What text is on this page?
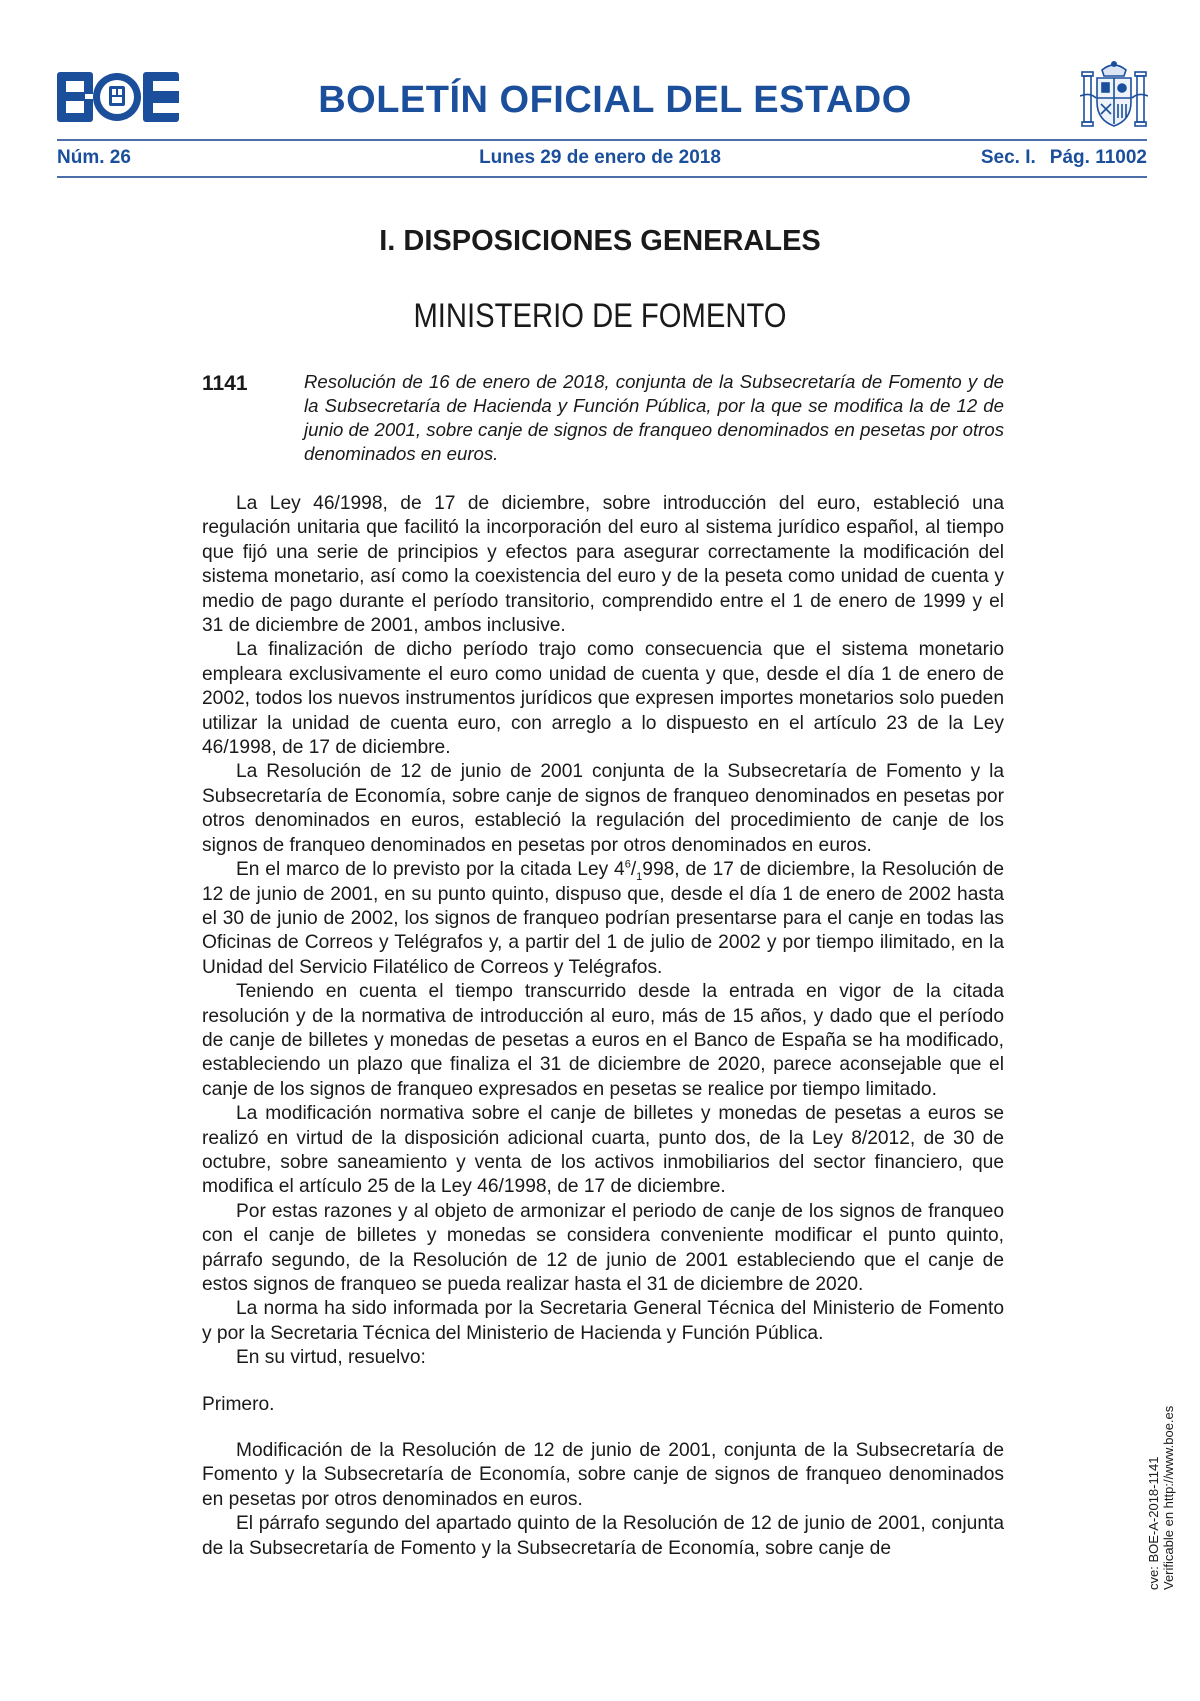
BOLETÍN OFICIAL DEL ESTADO
Núm. 26	Lunes 29 de enero de 2018	Sec. I. Pág. 11002
I. DISPOSICIONES GENERALES
MINISTERIO DE FOMENTO
1141	Resolución de 16 de enero de 2018, conjunta de la Subsecretaría de Fomento y de la Subsecretaría de Hacienda y Función Pública, por la que se modifica la de 12 de junio de 2001, sobre canje de signos de franqueo denominados en pesetas por otros denominados en euros.

La Ley 46/1998, de 17 de diciembre, sobre introducción del euro, estableció una regulación unitaria que facilitó la incorporación del euro al sistema jurídico español, al tiempo que fijó una serie de principios y efectos para asegurar correctamente la modificación del sistema monetario, así como la coexistencia del euro y de la peseta como unidad de cuenta y medio de pago durante el período transitorio, comprendido entre el 1 de enero de 1999 y el 31 de diciembre de 2001, ambos inclusive.

La finalización de dicho período trajo como consecuencia que el sistema monetario empleara exclusivamente el euro como unidad de cuenta y que, desde el día 1 de enero de 2002, todos los nuevos instrumentos jurídicos que expresen importes monetarios solo pueden utilizar la unidad de cuenta euro, con arreglo a lo dispuesto en el artículo 23 de la Ley 46/1998, de 17 de diciembre.

La Resolución de 12 de junio de 2001 conjunta de la Subsecretaría de Fomento y la Subsecretaría de Economía, sobre canje de signos de franqueo denominados en pesetas por otros denominados en euros, estableció la regulación del procedimiento de canje de los signos de franqueo denominados en pesetas por otros denominados en euros.

En el marco de lo previsto por la citada Ley $4^6/_1998$, de 17 de diciembre, la Resolución de 12 de junio de 2001, en su punto quinto, dispuso que, desde el día 1 de enero de 2002 hasta el 30 de junio de 2002, los signos de franqueo podrían presentarse para el canje en todas las Oficinas de Correos y Telégrafos y, a partir del 1 de julio de 2002 y por tiempo ilimitado, en la Unidad del Servicio Filatélico de Correos y Telégrafos.

Teniendo en cuenta el tiempo transcurrido desde la entrada en vigor de la citada resolución y de la normativa de introducción al euro, más de 15 años, y dado que el período de canje de billetes y monedas de pesetas a euros en el Banco de España se ha modificado, estableciendo un plazo que finaliza el 31 de diciembre de 2020, parece aconsejable que el canje de los signos de franqueo expresados en pesetas se realice por tiempo limitado.

La modificación normativa sobre el canje de billetes y monedas de pesetas a euros se realizó en virtud de la disposición adicional cuarta, punto dos, de la Ley 8/2012, de 30 de octubre, sobre saneamiento y venta de los activos inmobiliarios del sector financiero, que modifica el artículo 25 de la Ley 46/1998, de 17 de diciembre.

Por estas razones y al objeto de armonizar el periodo de canje de los signos de franqueo con el canje de billetes y monedas se considera conveniente modificar el punto quinto, párrafo segundo, de la Resolución de 12 de junio de 2001 estableciendo que el canje de estos signos de franqueo se pueda realizar hasta el 31 de diciembre de 2020.

La norma ha sido informada por la Secretaria General Técnica del Ministerio de Fomento y por la Secretaria Técnica del Ministerio de Hacienda y Función Pública.

En su virtud, resuelvo:

Primero.

Modificación de la Resolución de 12 de junio de 2001, conjunta de la Subsecretaría de Fomento y la Subsecretaría de Economía, sobre canje de signos de franqueo denominados en pesetas por otros denominados en euros.

El párrafo segundo del apartado quinto de la Resolución de 12 de junio de 2001, conjunta de la Subsecretaría de Fomento y la Subsecretaría de Economía, sobre canje de	cve: BOE-A-2018-1141 Verificable en http://www.boe.es
